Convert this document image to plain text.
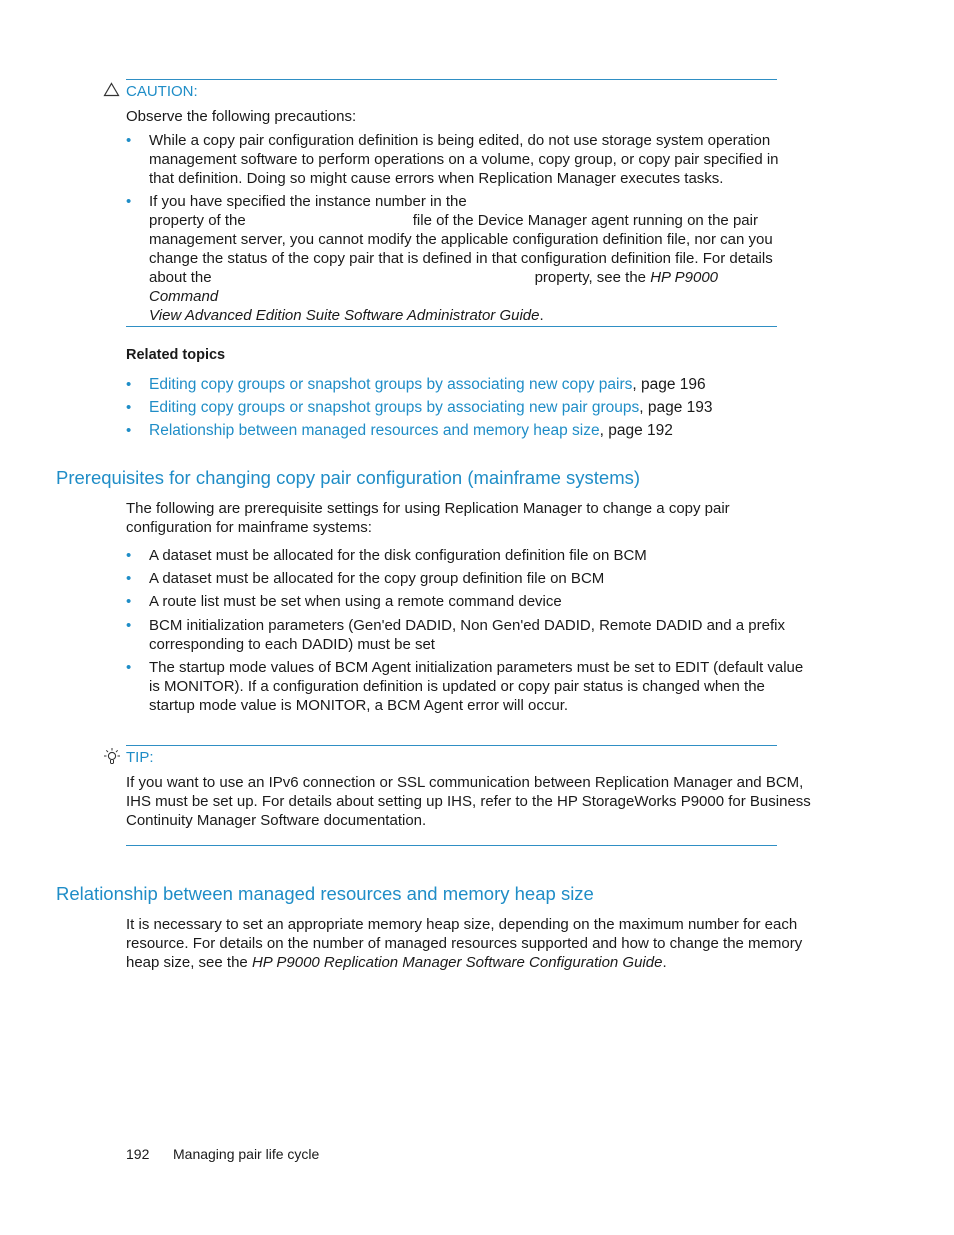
CAUTION:
Observe the following precautions:
• While a copy pair configuration definition is being edited, do not use storage system operation
management software to perform operations on a volume, copy group, or copy pair specified in
that definition. Doing so might cause errors when Replication Manager executes tasks.
• If you have specified the instance number in the
property of the	file of the Device Manager agent running on the pair
management server, you cannot modify the applicable configuration definition file, nor can you
change the status of the copy pair that is defined in that configuration definition file. For details
about the	property, see the HP P9000 Command
View Advanced Edition Suite Software Administrator Guide.
Related topics
• Editing copy groups or snapshot groups by associating new copy pairs, page 196
• Editing copy groups or snapshot groups by associating new pair groups, page 193
• Relationship between managed resources and memory heap size, page 192
Prerequisites for changing copy pair configuration (mainframe systems)
The following are prerequisite settings for using Replication Manager to change a copy pair
configuration for mainframe systems:
• A dataset must be allocated for the disk configuration definition file on BCM
• A dataset must be allocated for the copy group definition file on BCM
• A route list must be set when using a remote command device
• BCM initialization parameters (Gen'ed DADID, Non Gen'ed DADID, Remote DADID and a prefix
corresponding to each DADID) must be set
• The startup mode values of BCM Agent initialization parameters must be set to EDIT (default value
is MONITOR). If a configuration definition is updated or copy pair status is changed when the
startup mode value is MONITOR, a BCM Agent error will occur.
TIP:
If you want to use an IPv6 connection or SSL communication between Replication Manager and BCM,
IHS must be set up. For details about setting up IHS, refer to the HP StorageWorks P9000 for Business
Continuity Manager Software documentation.
Relationship between managed resources and memory heap size
It is necessary to set an appropriate memory heap size, depending on the maximum number for each
resource. For details on the number of managed resources supported and how to change the memory
heap size, see the HP P9000 Replication Manager Software Configuration Guide.
192 Managing pair life cycle
